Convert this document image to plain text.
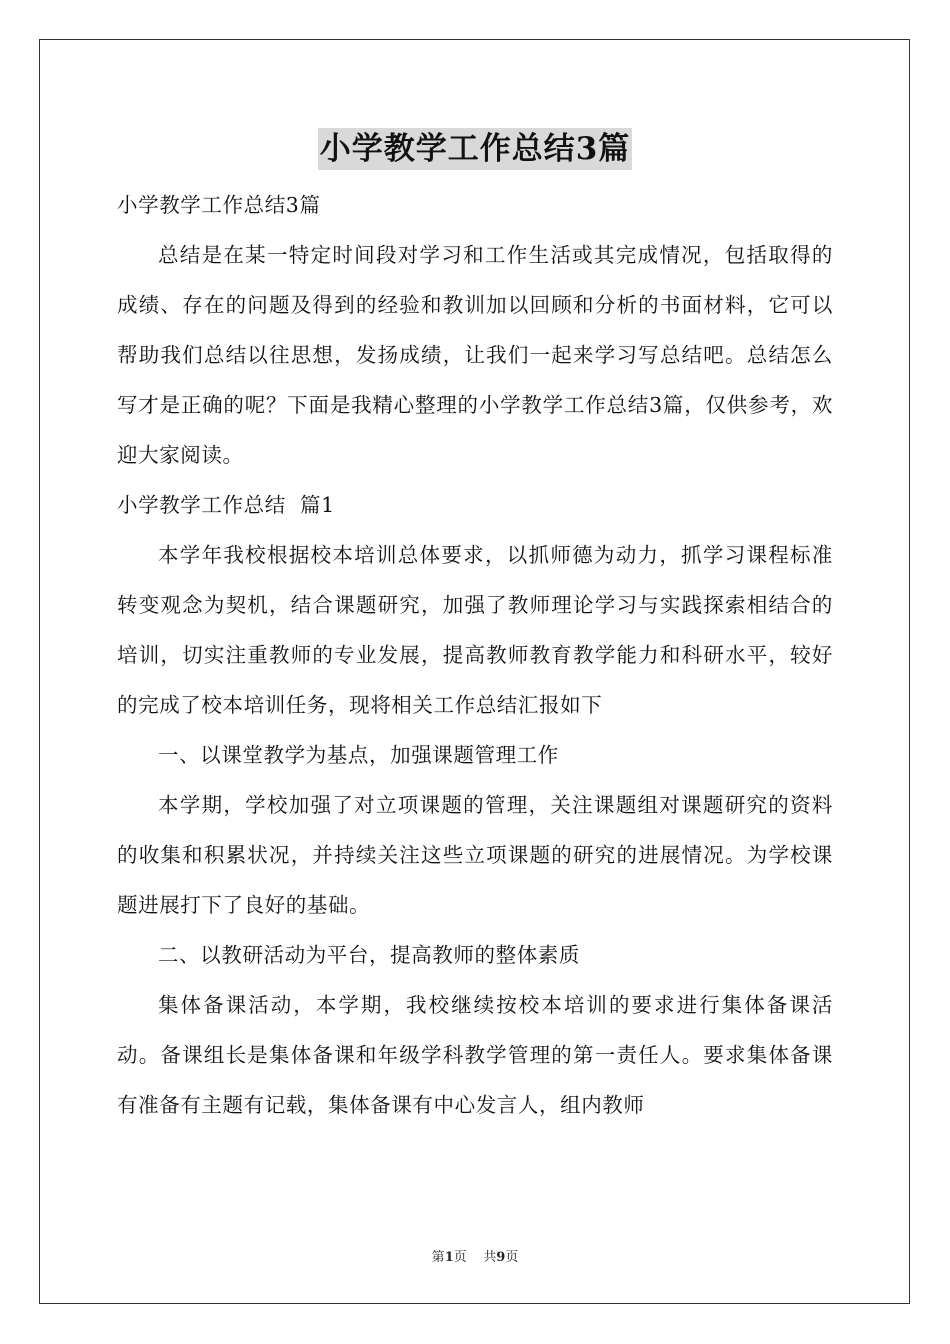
小学教学工作总结3篇

小学教学工作总结3篇

总结是在某一特定时间段对学习和工作生活或其完成情况，包括取得的成绩、存在的问题及得到的经验和教训加以回顾和分析的书面材料，它可以帮助我们总结以往思想，发扬成绩，让我们一起来学习写总结吧。总结怎么写才是正确的呢？下面是我精心整理的小学教学工作总结3篇，仅供参考，欢迎大家阅读。

小学教学工作总结  篇1

本学年我校根据校本培训总体要求，以抓师德为动力，抓学习课程标准转变观念为契机，结合课题研究，加强了教师理论学习与实践探索相结合的培训，切实注重教师的专业发展，提高教师教育教学能力和科研水平，较好的完成了校本培训任务，现将相关工作总结汇报如下

一、以课堂教学为基点，加强课题管理工作

本学期，学校加强了对立项课题的管理，关注课题组对课题研究的资料的收集和积累状况，并持续关注这些立项课题的研究的进展情况。为学校课题进展打下了良好的基础。

二、以教研活动为平台，提高教师的整体素质

集体备课活动，本学期，我校继续按校本培训的要求进行集体备课活动。备课组长是集体备课和年级学科教学管理的第一责任人。要求集体备课有准备有主题有记载，集体备课有中心发言人，组内教师

第1页    共9页
